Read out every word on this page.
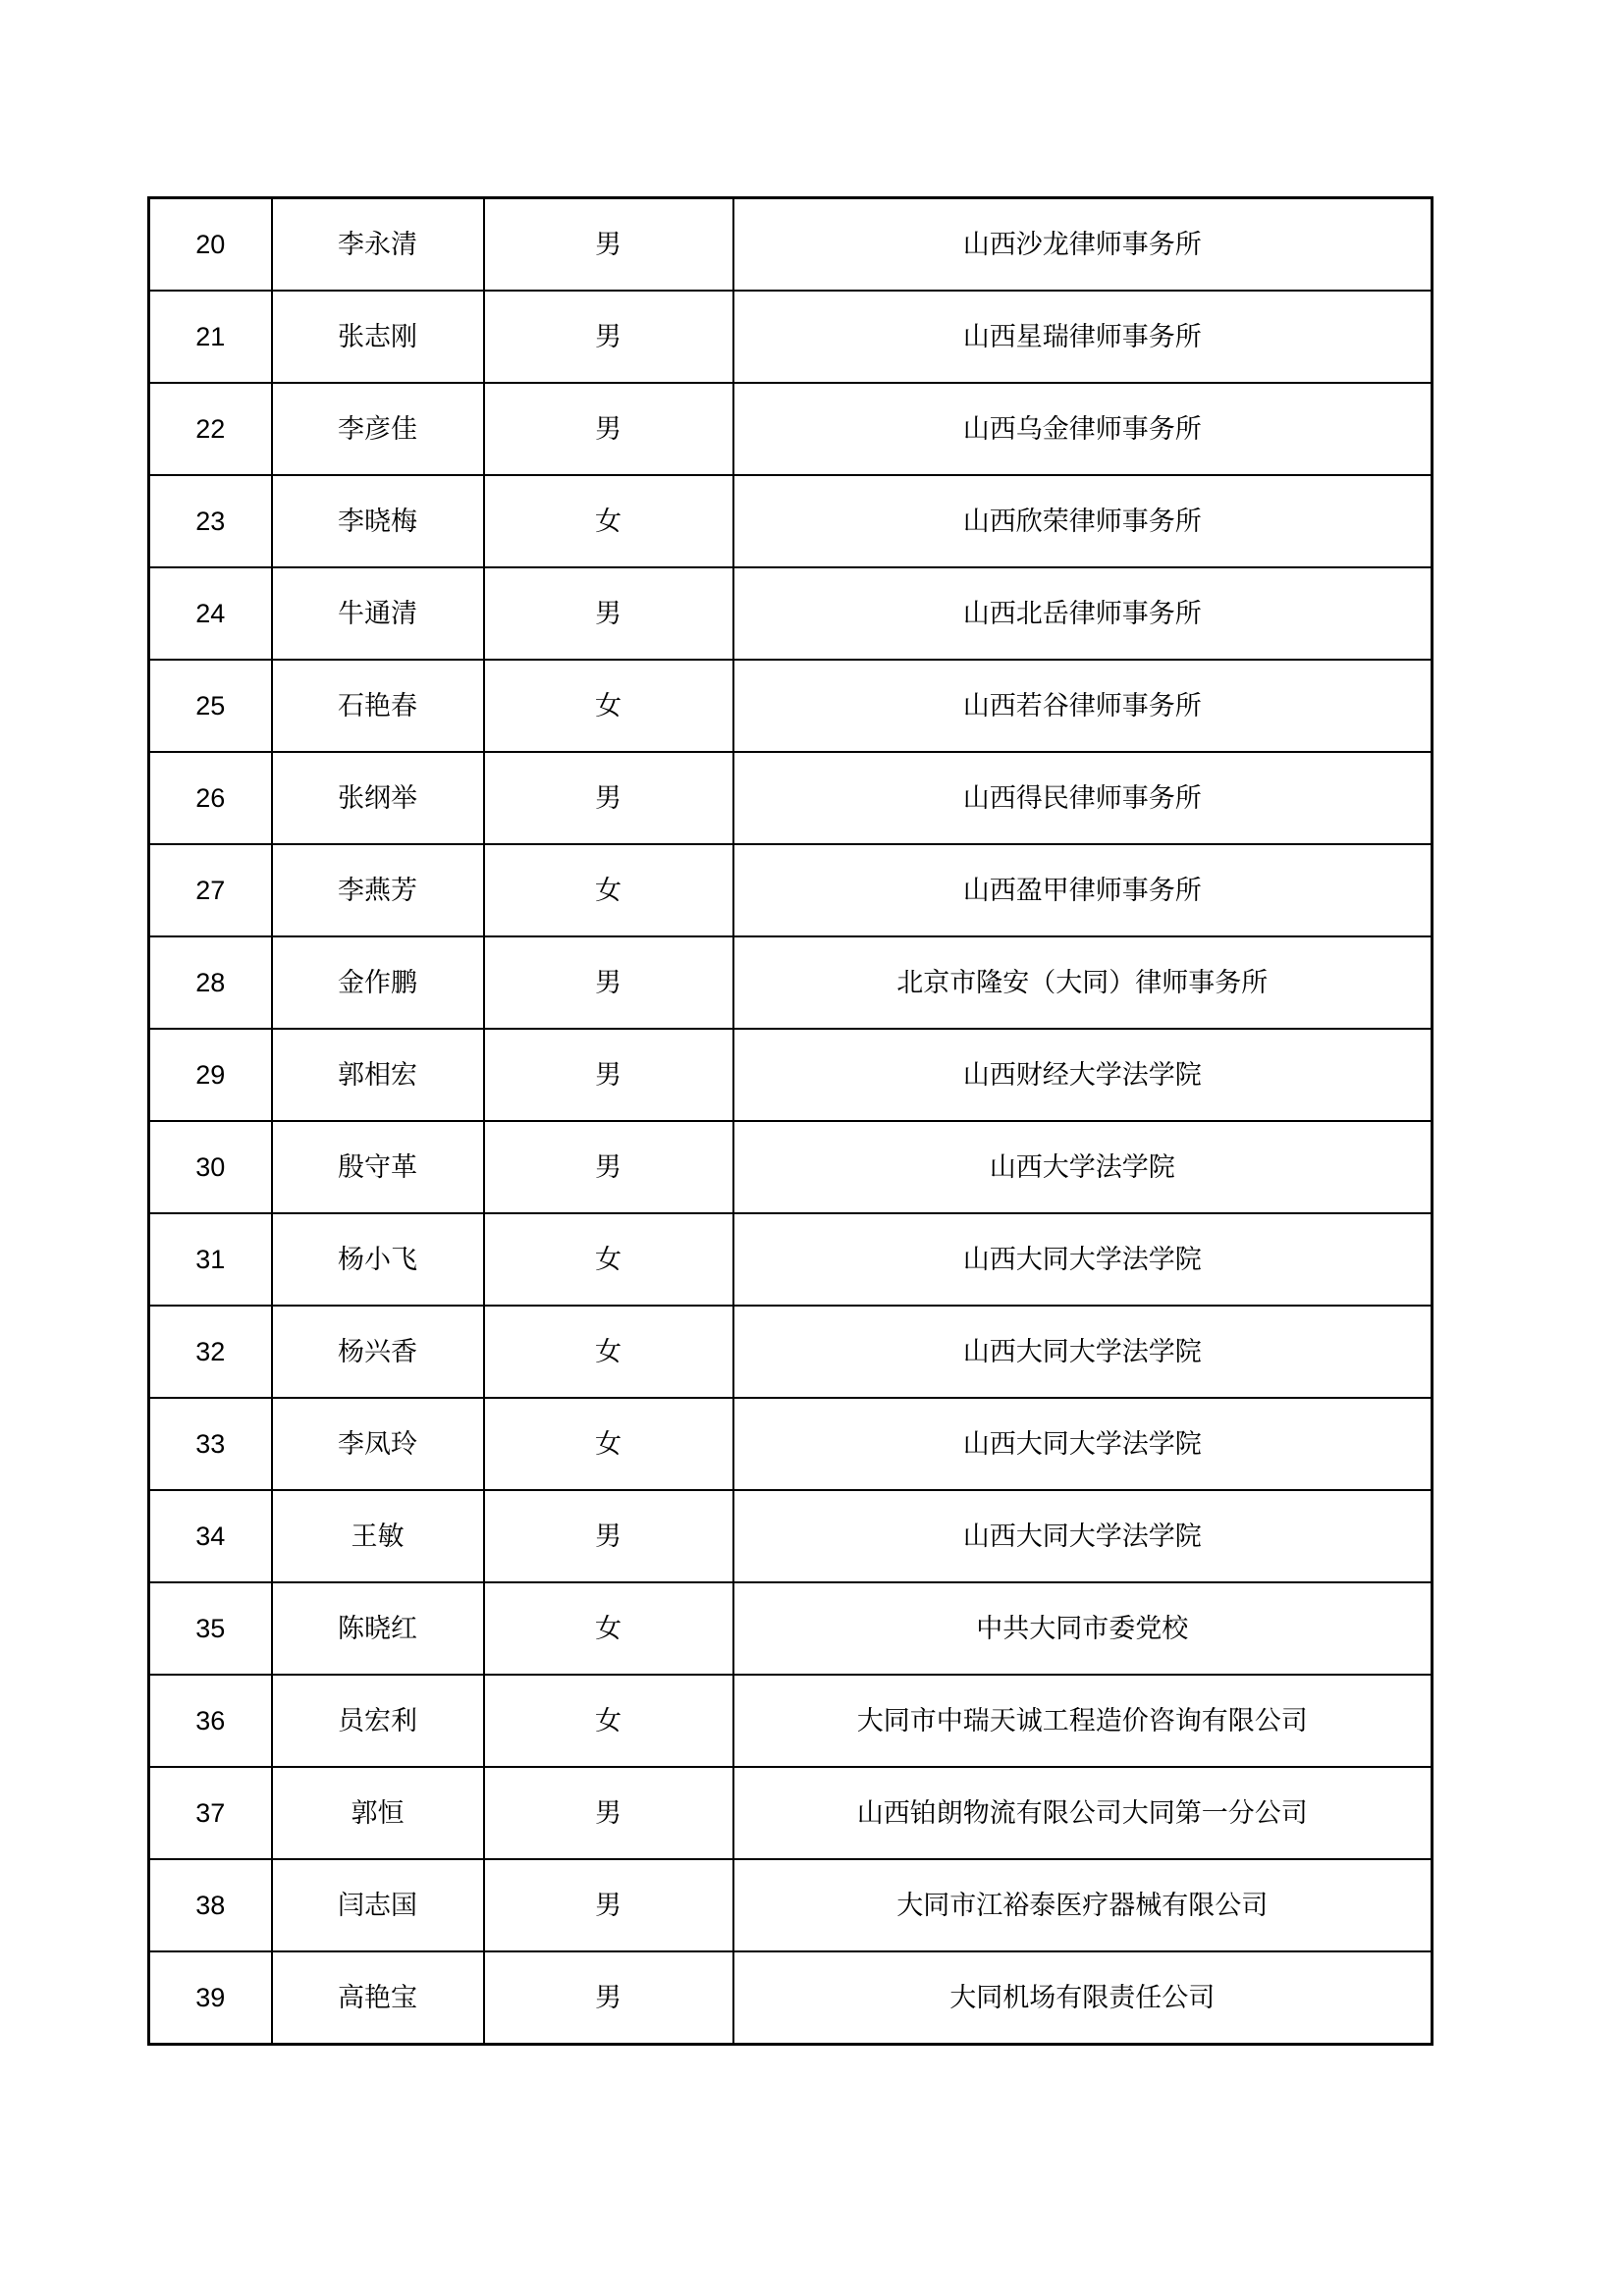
20	李永清	男	山西沙龙律师事务所
21	张志刚	男	山西星瑞律师事务所
22	李彦佳	男	山西乌金律师事务所
23	李晓梅	女	山西欣荣律师事务所
24	牛通清	男	山西北岳律师事务所
25	石艳春	女	山西若谷律师事务所
26	张纲举	男	山西得民律师事务所
27	李燕芳	女	山西盈甲律师事务所
28	金作鹏	男	北京市隆安（大同）律师事务所
29	郭相宏	男	山西财经大学法学院
30	殷守革	男	山西大学法学院
31	杨小飞	女	山西大同大学法学院
32	杨兴香	女	山西大同大学法学院
33	李凤玲	女	山西大同大学法学院
34	王敏	男	山西大同大学法学院
35	陈晓红	女	中共大同市委党校
36	员宏利	女	大同市中瑞天诚工程造价咨询有限公司
37	郭恒	男	山西铂朗物流有限公司大同第一分公司
38	闫志国	男	大同市江裕泰医疗器械有限公司
39	高艳宝	男	大同机场有限责任公司
